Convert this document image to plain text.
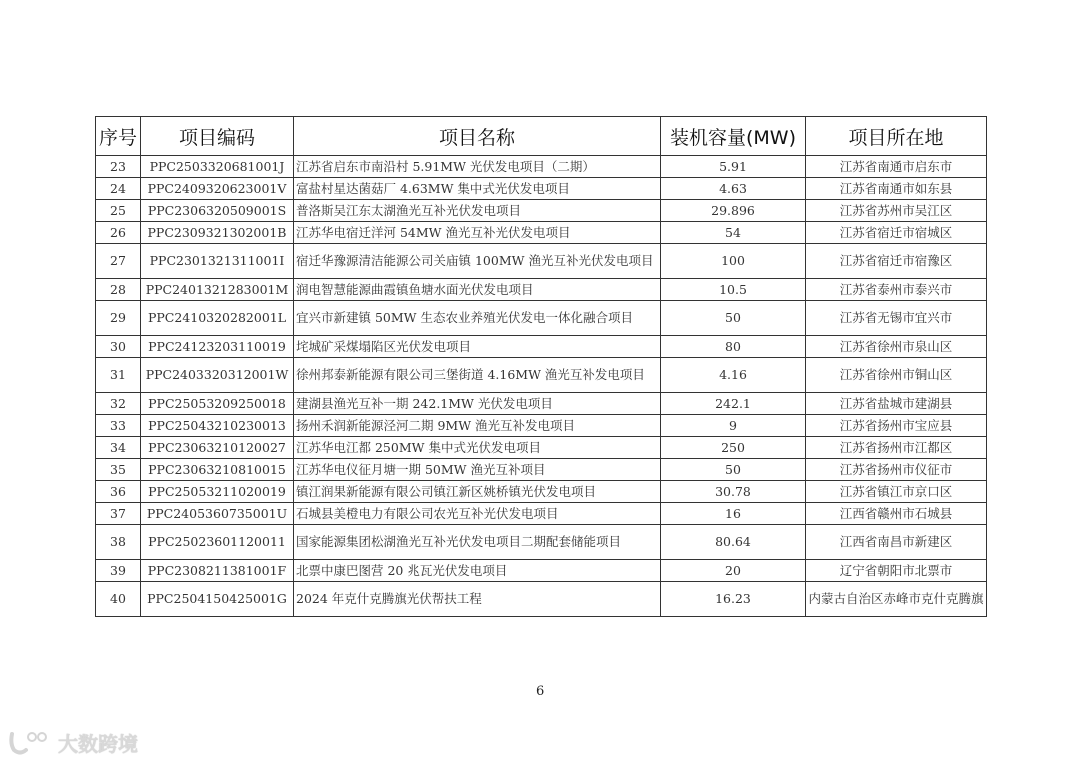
序号	项目编码	项目名称	装机容量(MW)	项目所在地
23	PPC2503320681001J	江苏省启东市南沿村 5.91MW 光伏发电项目（二期）	5.91	江苏省南通市启东市
24	PPC2409320623001V	富盐村星达菌菇厂 4.63MW 集中式光伏发电项目	4.63	江苏省南通市如东县
25	PPC2306320509001S	普洛斯吴江东太湖渔光互补光伏发电项目	29.896	江苏省苏州市吴江区
26	PPC2309321302001B	江苏华电宿迁洋河 54MW 渔光互补光伏发电项目	54	江苏省宿迁市宿城区
27	PPC2301321311001I	宿迁华豫源清洁能源公司关庙镇 100MW 渔光互补光伏发电项目	100	江苏省宿迁市宿豫区
28	PPC2401321283001M	润电智慧能源曲霞镇鱼塘水面光伏发电项目	10.5	江苏省泰州市泰兴市
29	PPC2410320282001L	宜兴市新建镇 50MW 生态农业养殖光伏发电一体化融合项目	50	江苏省无锡市宜兴市
30	PPC24123203110019	垞城矿采煤塌陷区光伏发电项目	80	江苏省徐州市泉山区
31	PPC2403320312001W	徐州邦泰新能源有限公司三堡街道 4.16MW 渔光互补发电项目	4.16	江苏省徐州市铜山区
32	PPC25053209250018	建湖县渔光互补一期 242.1MW 光伏发电项目	242.1	江苏省盐城市建湖县
33	PPC25043210230013	扬州禾润新能源泾河二期 9MW 渔光互补发电项目	9	江苏省扬州市宝应县
34	PPC23063210120027	江苏华电江都 250MW 集中式光伏发电项目	250	江苏省扬州市江都区
35	PPC23063210810015	江苏华电仪征月塘一期 50MW 渔光互补项目	50	江苏省扬州市仪征市
36	PPC25053211020019	镇江润果新能源有限公司镇江新区姚桥镇光伏发电项目	30.78	江苏省镇江市京口区
37	PPC2405360735001U	石城县美橙电力有限公司农光互补光伏发电项目	16	江西省赣州市石城县
38	PPC25023601120011	国家能源集团松湖渔光互补光伏发电项目二期配套储能项目	80.64	江西省南昌市新建区
39	PPC2308211381001F	北票中康巴图营 20 兆瓦光伏发电项目	20	辽宁省朝阳市北票市
40	PPC2504150425001G	2024 年克什克腾旗光伏帮扶工程	16.23	内蒙古自治区赤峰市克什克腾旗
6
大数跨境
